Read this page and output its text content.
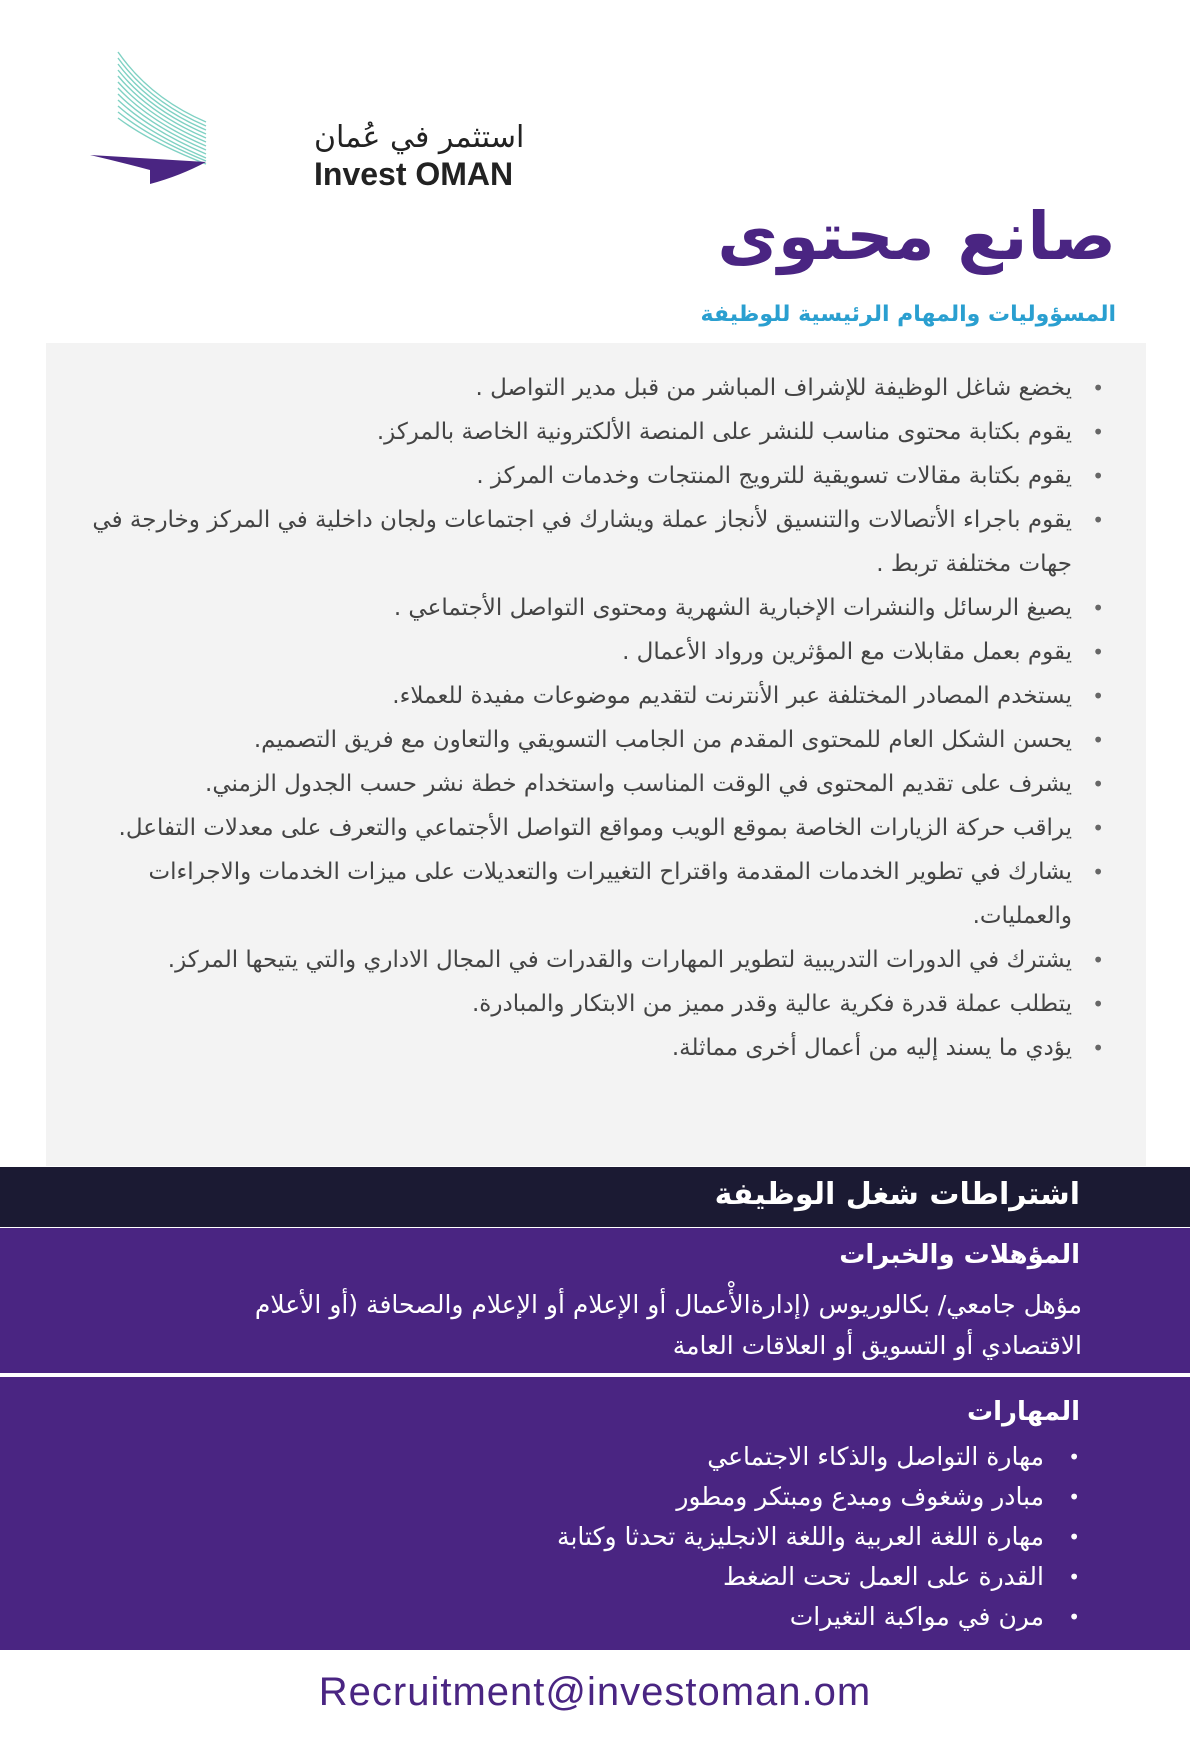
استثمر في عُمان
Invest OMAN
صانع محتوى
المسؤوليات والمهام الرئيسية للوظيفة
• يخضع شاغل الوظيفة للإشراف المباشر من قبل مدير التواصل .
• يقوم بكتابة محتوى مناسب للنشر على المنصة الألكترونية الخاصة بالمركز.
• يقوم بكتابة مقالات تسويقية للترويج المنتجات وخدمات المركز .
• يقوم باجراء الأتصالات والتنسيق لأنجاز عملة ويشارك في اجتماعات ولجان داخلية في المركز وخارجة في جهات مختلفة تربط .
• يصيغ الرسائل والنشرات الإخبارية الشهرية ومحتوى التواصل الأجتماعي .
• يقوم بعمل مقابلات مع المؤثرين ورواد الأعمال .
• يستخدم المصادر المختلفة عبر الأنترنت لتقديم موضوعات مفيدة للعملاء.
• يحسن الشكل العام للمحتوى المقدم من الجامب التسويقي والتعاون مع فريق التصميم.
• يشرف على تقديم المحتوى في الوقت المناسب واستخدام خطة نشر حسب الجدول الزمني.
• يراقب حركة الزيارات الخاصة بموقع الويب ومواقع التواصل الأجتماعي والتعرف على معدلات التفاعل.
• يشارك في تطوير الخدمات المقدمة واقتراح التغييرات والتعديلات على ميزات الخدمات والاجراءات والعمليات.
• يشترك في الدورات التدريبية لتطوير المهارات والقدرات في المجال الاداري والتي يتيحها المركز.
• يتطلب عملة قدرة فكرية عالية وقدر مميز من الابتكار والمبادرة.
• يؤدي ما يسند إليه من أعمال أخرى مماثلة.
اشتراطات شغل الوظيفة
المؤهلات والخبرات
مؤهل جامعي/ بكالوريوس (إدارةالأْعمال أو الإعلام أو الإعلام والصحافة (أو الأعلام الاقتصادي أو التسويق أو العلاقات العامة
المهارات
• مهارة التواصل والذكاء الاجتماعي
• مبادر وشغوف ومبدع ومبتكر ومطور
• مهارة اللغة العربية واللغة الانجليزية تحدثا وكتابة
• القدرة على العمل تحت الضغط
• مرن في مواكبة التغيرات
Recruitment@investoman.om
